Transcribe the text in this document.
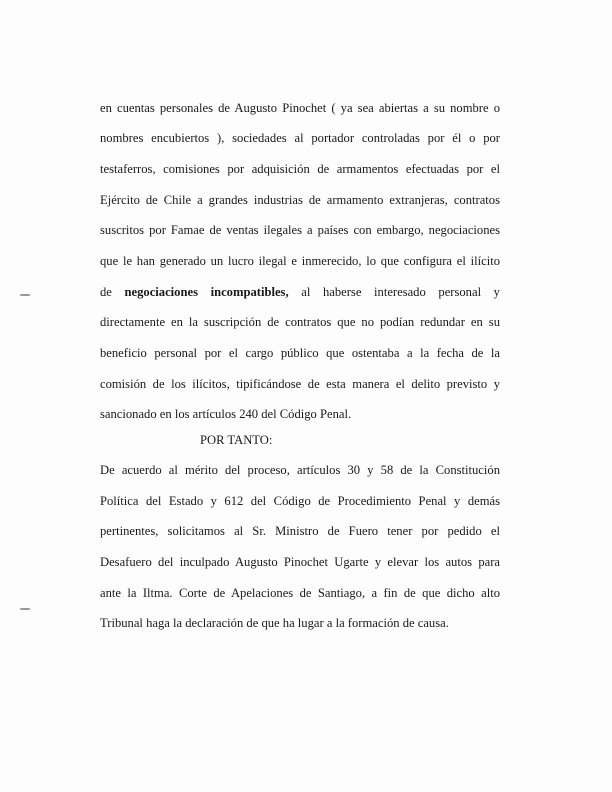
en cuentas personales de Augusto Pinochet ( ya sea abiertas a su nombre o
nombres encubiertos ), sociedades al portador controladas por él o por
testaferros, comisiones por adquisición de armamentos efectuadas por el
Ejército de Chile a grandes industrias de armamento extranjeras, contratos
suscritos por Famae de ventas ilegales a países con embargo, negociaciones
que le han generado un lucro ilegal e inmerecido, lo que configura el ilícito
de negociaciones incompatibles, al haberse interesado personal y
directamente en la suscripción de contratos que no podían redundar en su
beneficio personal por el cargo público que ostentaba a la fecha de la
comisión de los ilícitos, tipificándose de esta manera el delito previsto y
sancionado en los artículos 240 del Código Penal.
POR TANTO:
De acuerdo al mérito del proceso, artículos 30 y 58 de la Constitución
Política del Estado y 612 del Código de Procedimiento Penal y demás
pertinentes, solicitamos al Sr. Ministro de Fuero tener por pedido el
Desafuero del inculpado Augusto Pinochet Ugarte y elevar los autos para
ante la Iltma. Corte de Apelaciones de Santiago, a fin de que dicho alto
Tribunal haga la declaración de que ha lugar a la formación de causa.
